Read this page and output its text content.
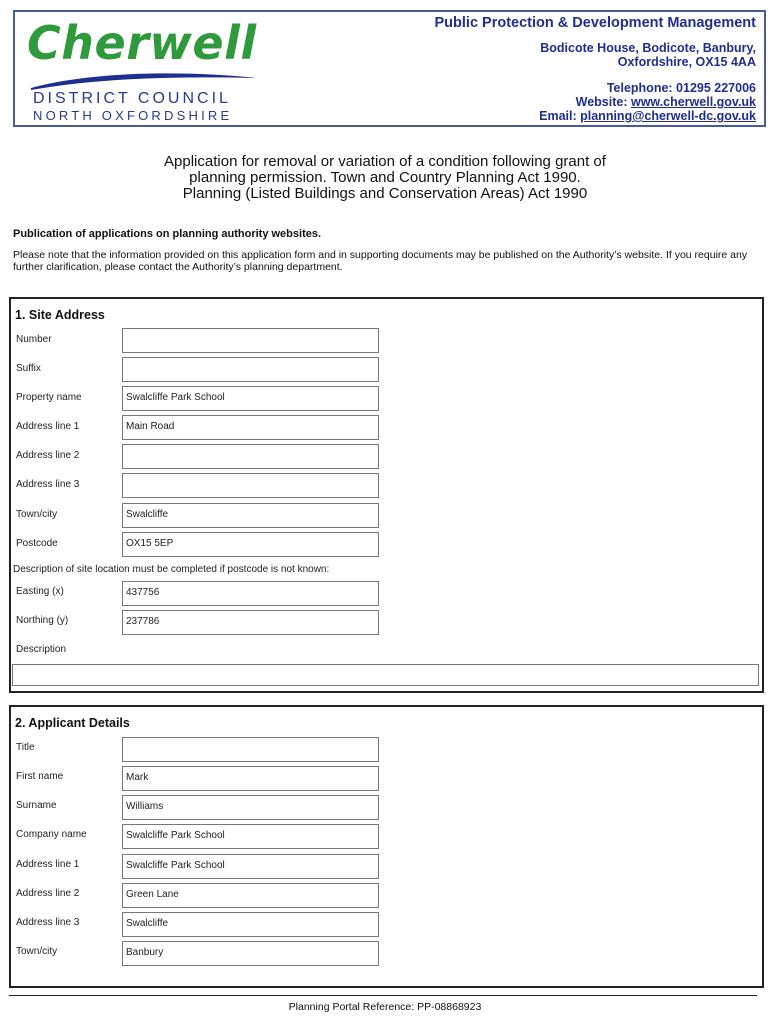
Cherwell
DISTRICT COUNCIL
NORTH OXFORDSHIRE
Public Protection & Development Management
Bodicote House, Bodicote, Banbury,
Oxfordshire, OX15 4AA
Telephone: 01295 227006
Website: www.cherwell.gov.uk
Email: planning@cherwell-dc.gov.uk
Application for removal or variation of a condition following grant of
planning permission. Town and Country Planning Act 1990.
Planning (Listed Buildings and Conservation Areas) Act 1990
Publication of applications on planning authority websites.
Please note that the information provided on this application form and in supporting documents may be published on the Authority’s website. If you require any further clarification, please contact the Authority’s planning department.
1. Site Address
Number
Suffix
Property name	Swalcliffe Park School
Address line 1	Main Road
Address line 2
Address line 3
Town/city	Swalcliffe
Postcode	OX15 5EP
Description of site location must be completed if postcode is not known:
Easting (x)	437756
Northing (y)	237786
Description
2. Applicant Details
Title
First name	Mark
Surname	Williams
Company name	Swalcliffe Park School
Address line 1	Swalcliffe Park School
Address line 2	Green Lane
Address line 3	Swalcliffe
Town/city	Banbury
Planning Portal Reference: PP-08868923
